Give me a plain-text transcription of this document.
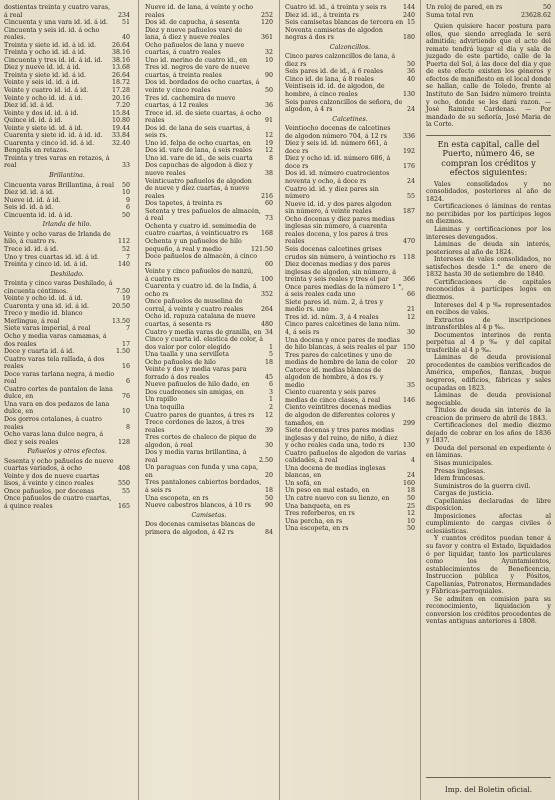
dostientas treinta y cuatro varas, á real	234
Cincuenta y una vara id. id. á id.	51
Cincuenta y seis id. id. á ocho reales.	40
Treinta y siete id. id. á id. id.	26.64
Treinta y ocho id. id. á id.	38.16
Cincuenta y tres id. id. á id. id.	38.16
Diez y nueve id. id. á id.	13.68
Treinta y siete id. id. á id.	26.64
Veinte y seis id. id. á id.	18.72
Veinte y cuatro id. id. á id.	17.28
Veinte y ocho id. id. á id.	20.16
Diez id. id. á id.	7.20
Veinte y dos id. id. á id.	15.84
Quince id. id. á id.	10.80
Veinte y siete id. id. á id.	19.44
Cuarenta y siete id. id. á id. id.	33.84
Cuarenta y cinco id. id. á id.	32.40
Bengalis en retazos.
Treinta y tres varas en retazos, á real	33
Brillantina.
Cincuenta varas Brillantina, á real	50
Diez id. id. á id.	10
Nueve id. id. á id.	9
Seis id. id. á id.	6
Cincuenta id. id. á id.	50
Irlanda de hilo.
Veinte y ocho varas de Irlanda de hilo, á cuatro rs.	112
Trece id. id. á id.	52
Uno y tres cuartas id. id. á id.	7
Treinta y cinco id. id. á id.	140
Deshilado.
Treinta y cinco varas Deshilado, á cincuenta céntimos.	7.50
Veinte y ocho id. id. á id.	19
Cuarenta y una id. id. á id.	20.50
Treco y medio id. blanco Merlingue, á real	13.50
Siete varas imperial, á real	7
Ocho y media varas camamas, á dos reales	17
Doce y cuarta id. á id.	1.50
Cuatro varas tela rallada, á dos reales	16
Doce varas tarlana negra, á medio real	6
Cuatro cortes de pantalon de lana dulce, en	76
Una vara en dos pedazos de lana dulce, en	10
Dos gorros cotalanes, á cuatro reales	8
Ocho varas lana dulce negra, á diez y seis reales	128
Pañuelos y otros efectos.
Sesenta y ocho pañuelos de nueve cuartas variados, á ocho	408
Veinte y dos de nueve cuartas lisos, á veinte y cinco reales	550
Once pañuelos, por docenas	55
Once pañuelos de cuatro cuartas, á quince reales	165
Nueve id. de lana, á veinte y ocho reales	252
Dos id. de capucha, á sesenta	120
Diez y nueve pañuelos varé de lana, á diez y nueve reales	361
Ocho pañuelos de lana y nueve cuartas, á cuatro reales	32
Uno id. merino de cuatro id., en	10
Tres id. negros de vare de nueve cuartas, á treinta reales	90
Dos id. bordados de ocho cuartas, á veinte y cinco reales	50
Tres id. cachemira de nueve cuartas, á 12 reales	36
Trece id. id. de siete cuartas, á ocho reales	91
Dos id. de lana de seis cuartas, á seis rs.	12
Uno id. felpa de ocho cuartas, en	19
Dos id. vare de lana, á seis reales	12
Uno id. vare de id., de seis cuarta	8
Dos capuchas de algodon á diez y nueve reales	38
Veinticuatro pañuelos de algodon de nueve y diez cuartas, á nueve reales	216
Dos tapetes, á treinta rs	60
Setenta y tres pañuelos de almacén, á real	73
Ochenta y cuatro id. semimedia de cuatro cuartas, á veinticuatro rs	168
Ochenta y un pañuelos de hilo pequeño, á real y medio	121.50
Doce pañuelos de almacén, á cinco rs	60
Veinte y cinco pañuelos de nanzú, á cuatro rs	100
Cuarenta y cuatro id. de la India, á ocho rs	352
Once pañuelos de muselina de corral, á veinte y cuatro reales	264
Ocho id. rapuza catalana de nueve cuartas, á sesenta rs	480
Cuatro y media varas de granilla, en 34
Cinco y cuarta id. elastica de color, á dos valor por color elegido	1
Una taalla y una servilleta	5
Ocho pañuelos de hilo	18
Veinte y dos y media varas para forrado á dos reales	45
Nueve pañuelos de hilo dado, en	6
Dos cuadreones sin amigas, en	3
Un rapillo	1
Una toquilla	2
Cuatro pares de guantes, á tres rs	12
Trece cordones de lazos, á tres reales	39
Tres cortes de chaleco de pique de algodon, á real	30
Dos y media varas brillantina, á real	2.50
Un paraguas con funda y una capa, en	20
Tres pantalones cabiertos bordados, á seis rs	18
Una escopeta, en rs	50
Nueve cabestros blancos, á 10 rs	90
Camisetas.
Dos docenas camisetas blancas de primera de algodon, á 42 rs	84
Cuatro id. id., á treinta y seis rs	144
Diez id. id., á treinta rs	240
Seis camisetas blancas de tercera en 15
Noventa camisetas de algodon negras á dos rs	180
Calzoncillos.
Cinco pares calzoncillos de lana, á diez rs	50
Seis pares id. de id., á 6 reales	36
Cinco id. de lana, á 8 reales	40
Veintiseis id. id. de algodon, de hombre, á cinco reales	130
Seis pares calzoncillos de señora, de algodon, á 4 rs	24
Calcetines.
Veintiocho docenas de calcetines de algodon número 704, á 12 rs	336
Diez y seis id. id. número 661, á doce rs	192
Diez y ocho id. id. número 686, á doce rs	176
Dos id. id. número cuatrocientos noventa y ocho, á doce rs	24
Cuatro id. id. y diez pares sin número	55
Nueve id. id. y dos pares algodon sin número, á veinte reales	187
Ocho docenas y diez pares medias inglesas sin número, á cuarenta reales docena, y los pares á tres reales	470
Seis docenas calcetines grises crudos sin número, á veintiocho rs	118
Diez docenas medias y dos pares inglesas de algodon, sin número, á treinta y seis reales y tres el par	366
Once pares medias de la número 1 °, á seis reales cada uno	66
Siete pares id. núm. 2, á tres y medio rs. uno	21
Tres id. id. núm. 3, á 4 reales	12
Cinco pares calcetines de lana núm. 4, á seis rs	30
Una docena y once pares de medias de hilo blancas, á seis reales el par 150
Tres pares de calcetines y uno de medias de hombre de lana de color	20
Catorce id. medias blancas de algodon de hombre, á dos rs. y medio	35
Ciento cuarenta y seis pares medias de cinco clases, á real	146
Ciento veintitres docenas medias de algodon de diferentes colores y tamaños, en	299
Siete docenas y tres pares medias inglesas y del reino, de niño, á diez y ocho reales cada una, todo rs	130
Cuatro pañuelos de algodon de varias calidades, á real	4
Una docena de medias inglesas blancas, en	24
Un sofá, en	160
Un peso en mal estado, en	18
Un catre nuevo con su lienzo, en	50
Una banqueta, en rs	25
Tres referberos, en rs	12
Una percha, en rs	10
Una escopeta, en rs	50
Un reloj de pared, en rs	50
Suma total rvn	23628.62

Quien quisiere hacer postura para ellos, que siendo arreglada le será admitida; advirtiendo que el acto del remate tendrá lugar el dia y sala de juzgado de este partido, calle de la Puerta del Sol, á las doce del dia y que de este efecto existen los géneros y efectos de manifiesto en el local donde se hallan, calle de Toledo, frente al Instituto de San Isidro número treinta y ocho, donde se les dará razon. — José Ramirez Cardenas. — Por mandado de su señoría, José Maria de la Corte.

En esta capital, calle del Puerto, número 46, se compran los créditos y efectos siguientes:

Vales consolidados y no consolidados, posteriores al año de 1824.

Certificaciones ó láminas de rentas no percibidas por los partícipes legos en diezmos.

Láminas y certificaciones por los intereses devengados.

Láminas de deuda sin interés, posteriores al año de 1824.

Intereses de vales consolidados, no satisfechos desde 1.° de enero de 1832 hasta 30 de setiembre de 1840.

Certificaciones de capitales reconocidos á partícipes legos en diezmos.

Intereses del 4 p ‰ representados en recibos de vales.

Extractos de inscripciones intransferibles al 4 p ‰.

Documentos interinos de renta perpétua al 4 p ‰ y del capital trasferible al 4 p ‰.

Láminas de deuda provisional procedentes de cambios verificados de América, empeños, fianzas, buque negreros, edificios, fábricas y sales ocupadas en 1823.

Láminas de deuda provisional negociable.

Títulos de deuda sin interés de la creacion de primero de abril de 1843.

Certificaciones del medio diezmo dejado de cobrar en los años de 1836 y 1837.

Deuda del personal en expediente ó en láminas.

Sisas municipales.

Presas inglesas.

Idem francesas.

Suministros de la guerra civil.

Cargas de justicia.

Capellanías declaradas de libre disposicion.

Imposiciones afectas al cumplimiento de cargas civiles ó eclesiásticas.

Y cuantos créditos puedan tener á su favor y contra el Estado, liquidados ó por liquidar, tanto los particulares como los Ayuntamientos, establecimientos de Beneficencia, Instruccion pública y Pósitos, Capellanías, Patronatos, Hermandades y Fábricas-parroquiales.

Se admiten en comision para su reconocimiento, liquidacion y conversion los créditos procedentes de ventas antiguas anteriores á 1808.

Imp. del Boletin oficial.
